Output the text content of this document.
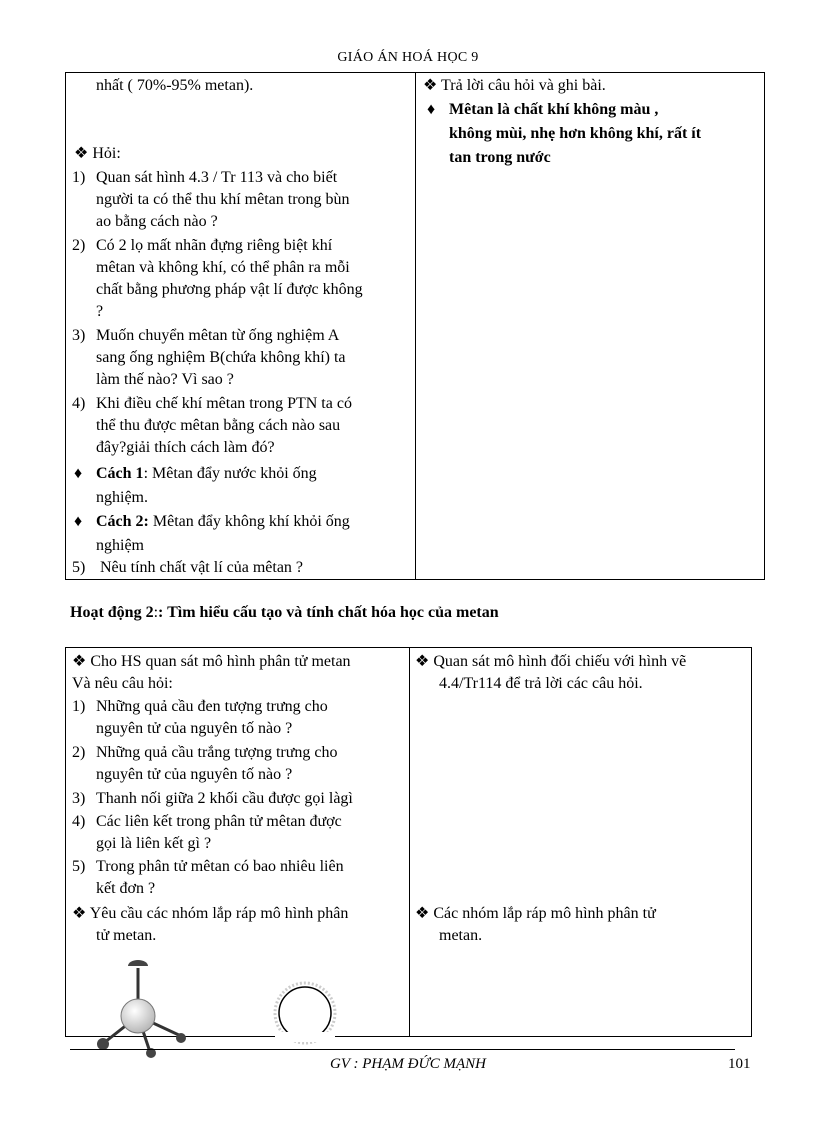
GIÁO ÁN HOÁ HỌC 9
nhất ( 70%-95% metan).
❖ Hỏi:
1) Quan sát hình 4.3 / Tr 113 và cho biết
người ta có thể thu khí mêtan trong bùn
ao bằng cách nào ?
2) Có 2 lọ mất nhãn đựng riêng biệt khí
mêtan và không khí, có thể phân ra mỗi
chất bằng phương pháp vật lí được không
?
3) Muốn chuyển mêtan từ ống nghiệm A
sang ống nghiệm B(chứa không khí) ta
làm thế nào? Vì sao ?
4) Khi điều chế khí mêtan trong PTN ta có
thể thu được mêtan bằng cách nào sau
đây?giải thích cách làm đó?
♦ Cách 1: Mêtan đẩy nước khỏi ống
nghiệm.
♦ Cách 2: Mêtan đẩy không khí khỏi ống
nghiệm
5) Nêu tính chất vật lí của mêtan ?
❖ Trả lời câu hỏi và ghi bài.
♦ Mêtan là chất khí không màu ,
không mùi, nhẹ hơn không khí, rất ít
tan trong nước
Hoạt động 2:: Tìm hiểu cấu tạo và tính chất hóa học của metan
❖ Cho HS quan sát mô hình phân tử metan
Và nêu câu hỏi:
1) Những quả cầu đen tượng trưng cho
nguyên tử của nguyên tố nào ?
2) Những quả cầu trắng tượng trưng cho
nguyên tử của nguyên tố nào ?
3) Thanh nối giữa 2 khối cầu được gọi làgì
4) Các liên kết trong phân tử mêtan được
gọi là liên kết gì ?
5) Trong phân tử mêtan có bao nhiêu liên
kết đơn ?
❖ Yêu cầu các nhóm lắp ráp mô hình phân
tử metan.
❖ Quan sát mô hình đối chiếu với hình vẽ
4.4/Tr114 để trả lời các câu hỏi.
❖ Các nhóm lắp ráp mô hình phân tử
metan.
GV : PHẠM ĐỨC MẠNH	101
